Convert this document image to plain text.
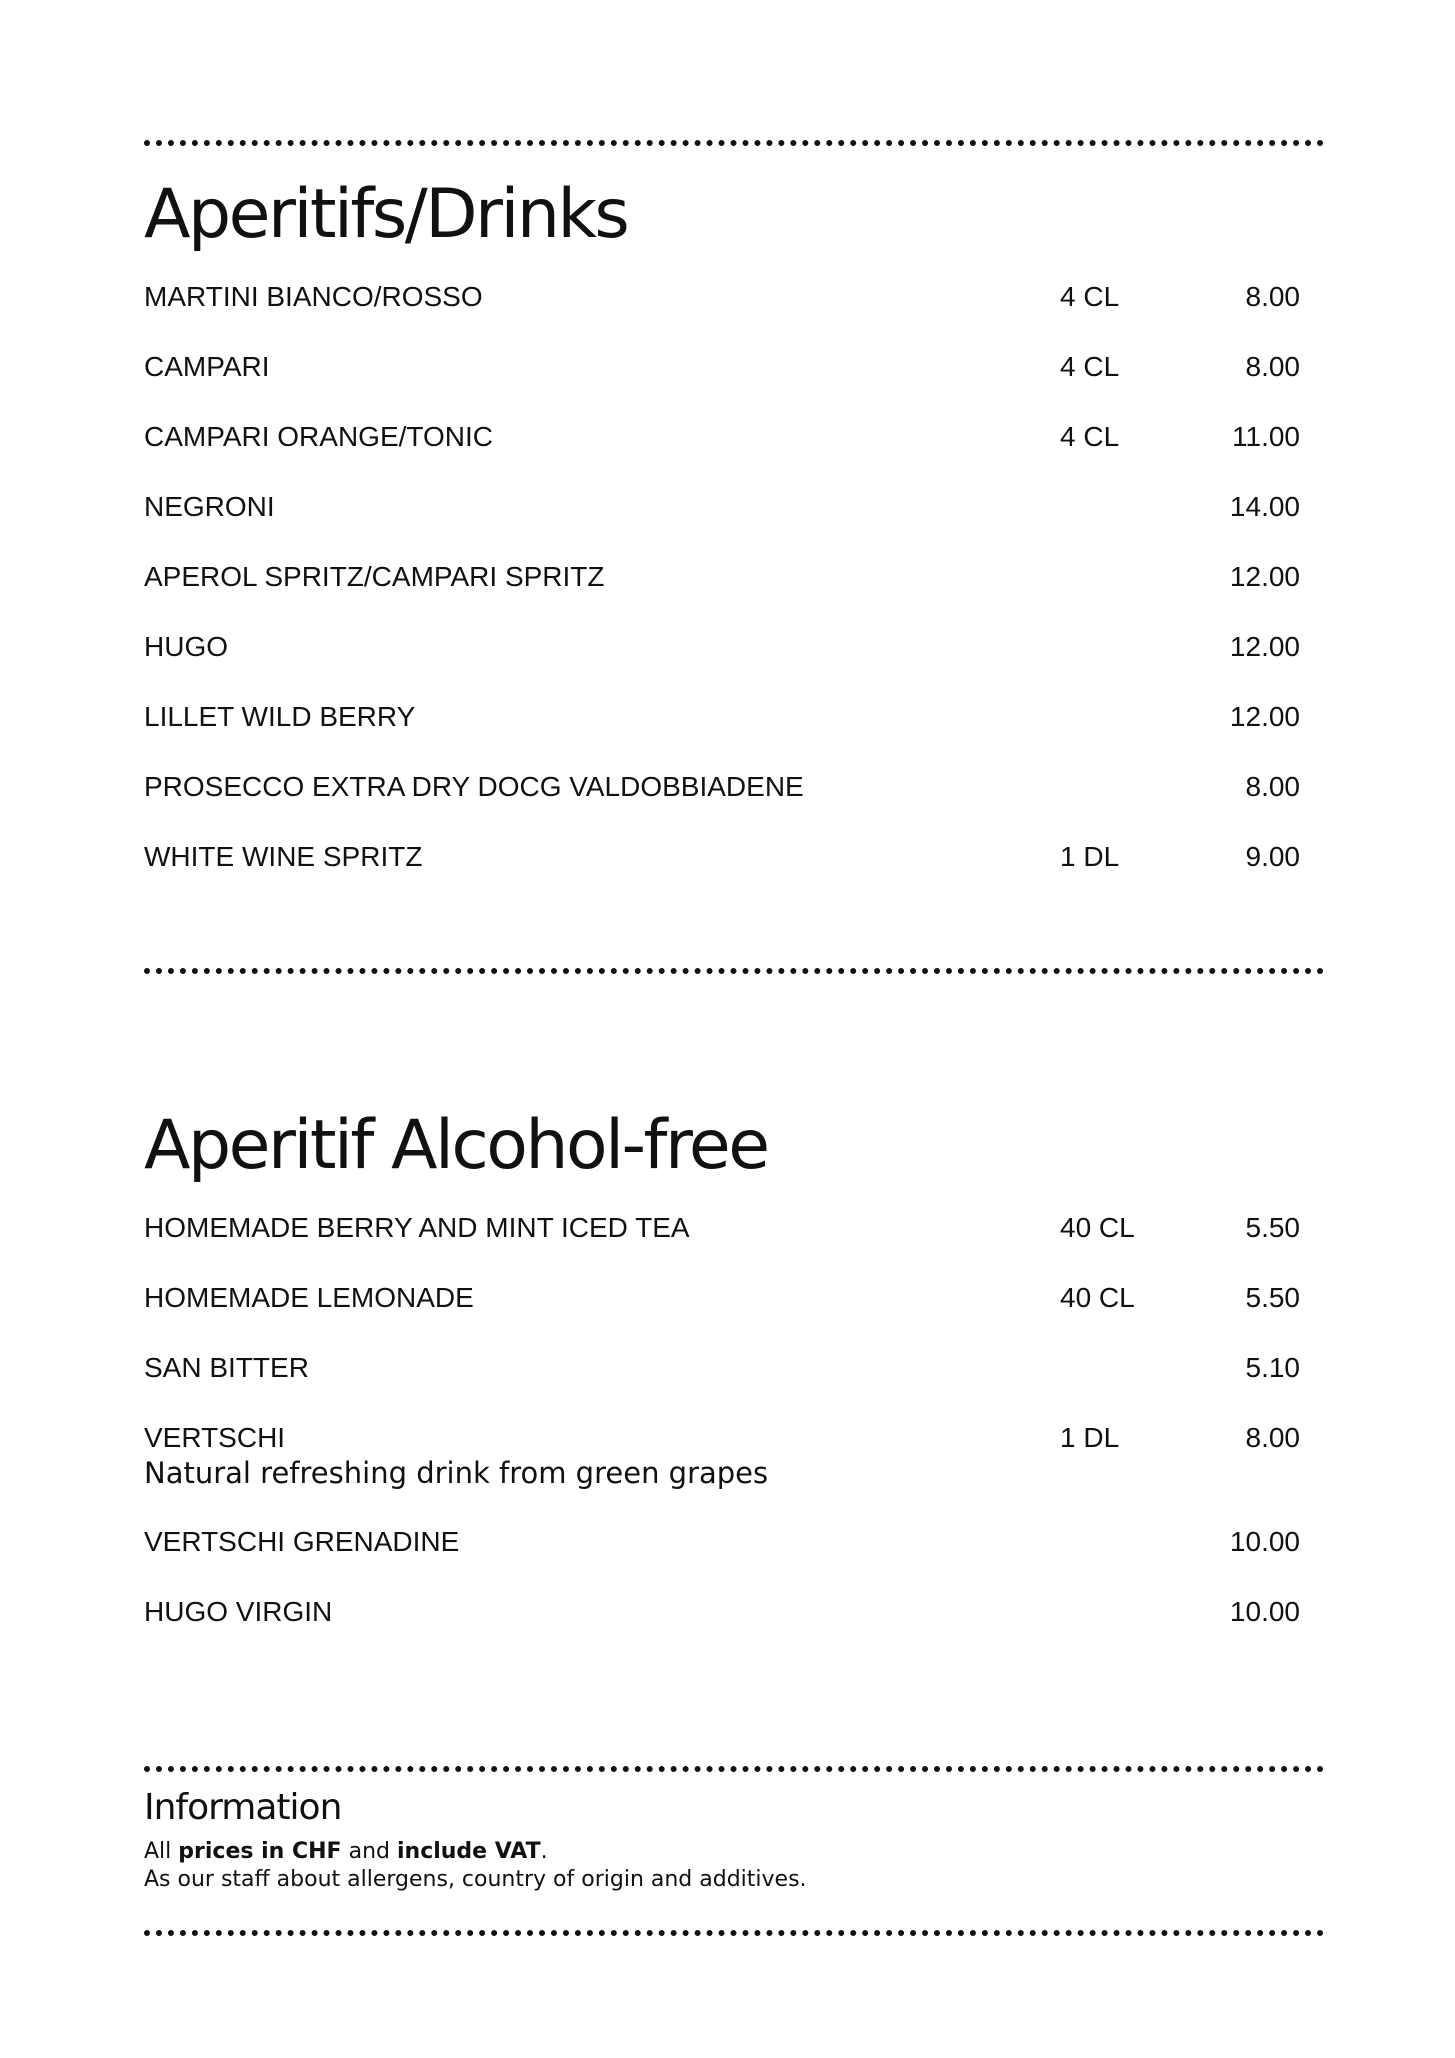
Aperitifs/Drinks
MARTINI BIANCO/ROSSO	4 CL	8.00
CAMPARI	4 CL	8.00
CAMPARI ORANGE/TONIC	4 CL	11.00
NEGRONI	14.00
APEROL SPRITZ/CAMPARI SPRITZ	12.00
HUGO	12.00
LILLET WILD BERRY	12.00
PROSECCO EXTRA DRY DOCG VALDOBBIADENE	8.00
WHITE WINE SPRITZ	1 DL	9.00
Aperitif Alcohol-free
HOMEMADE BERRY AND MINT ICED TEA	40 CL	5.50
HOMEMADE LEMONADE	40 CL	5.50
SAN BITTER	5.10
VERTSCHI	1 DL	8.00
Natural refreshing drink from green grapes
VERTSCHI GRENADINE	10.00
HUGO VIRGIN	10.00
Information
All prices in CHF and include VAT.
As our staff about allergens, country of origin and additives.
